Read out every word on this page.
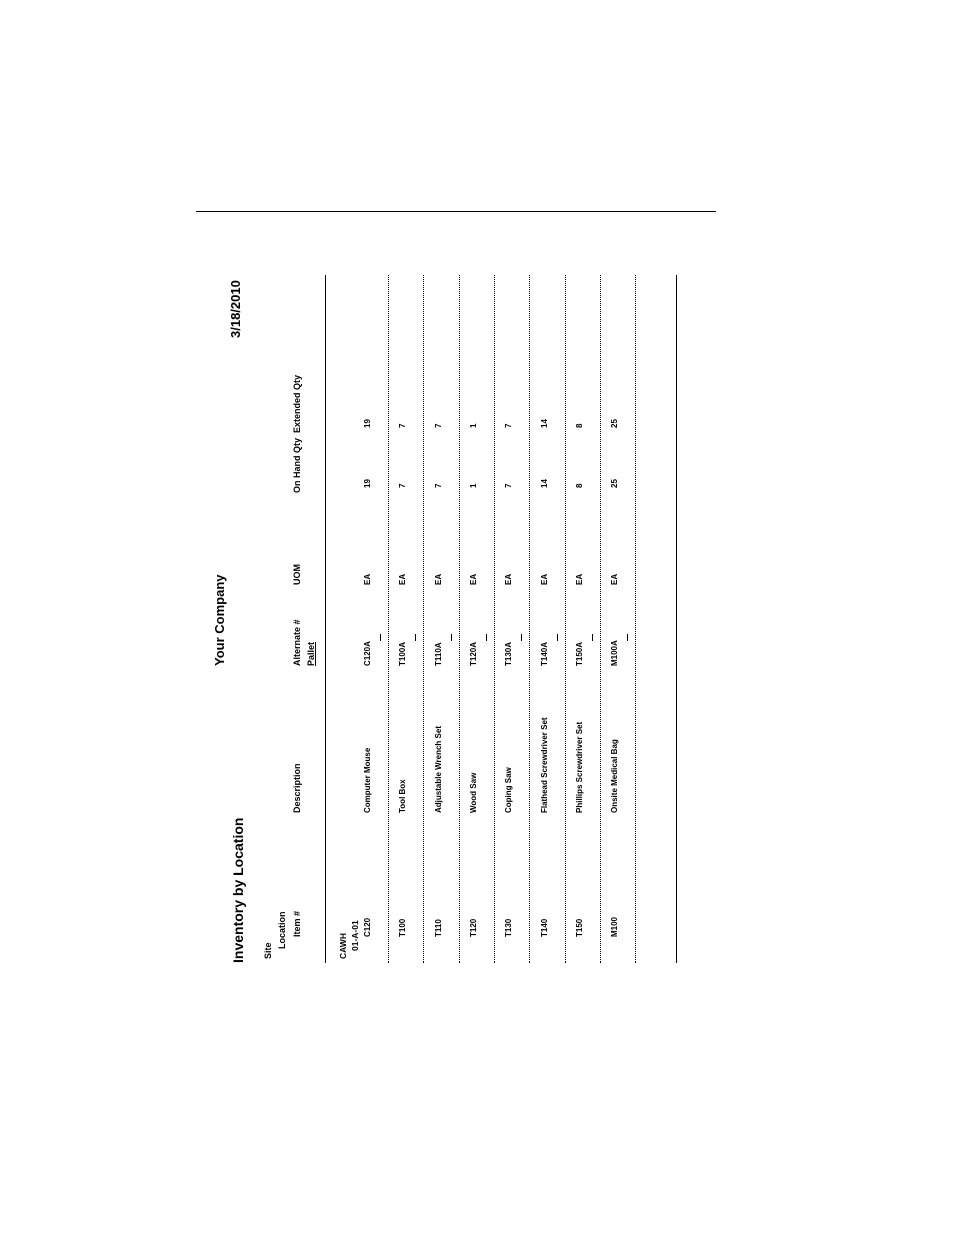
Inventory by Location
Your Company
3/18/2010
Site
Location Item #
Description
Alternate # Pallet
UOM
On Hand Qty
Extended Qty
CAWH 01-A-01 C120
Computer Mouse
C120A
EA
19
19
T100
Tool Box
T100A
EA
7
7
T110
Adjustable Wrench Set
T110A
EA
7
7
T120
Wood Saw
T120A
EA
1
1
T130
Coping Saw
T130A
EA
7
7
T140
Flathead Screwdriver Set
T140A
EA
14
14
T150
Phillips Screwdriver Set
T150A
EA
8
8
M100
Onsite Medical Bag
M100A
EA
25
25
